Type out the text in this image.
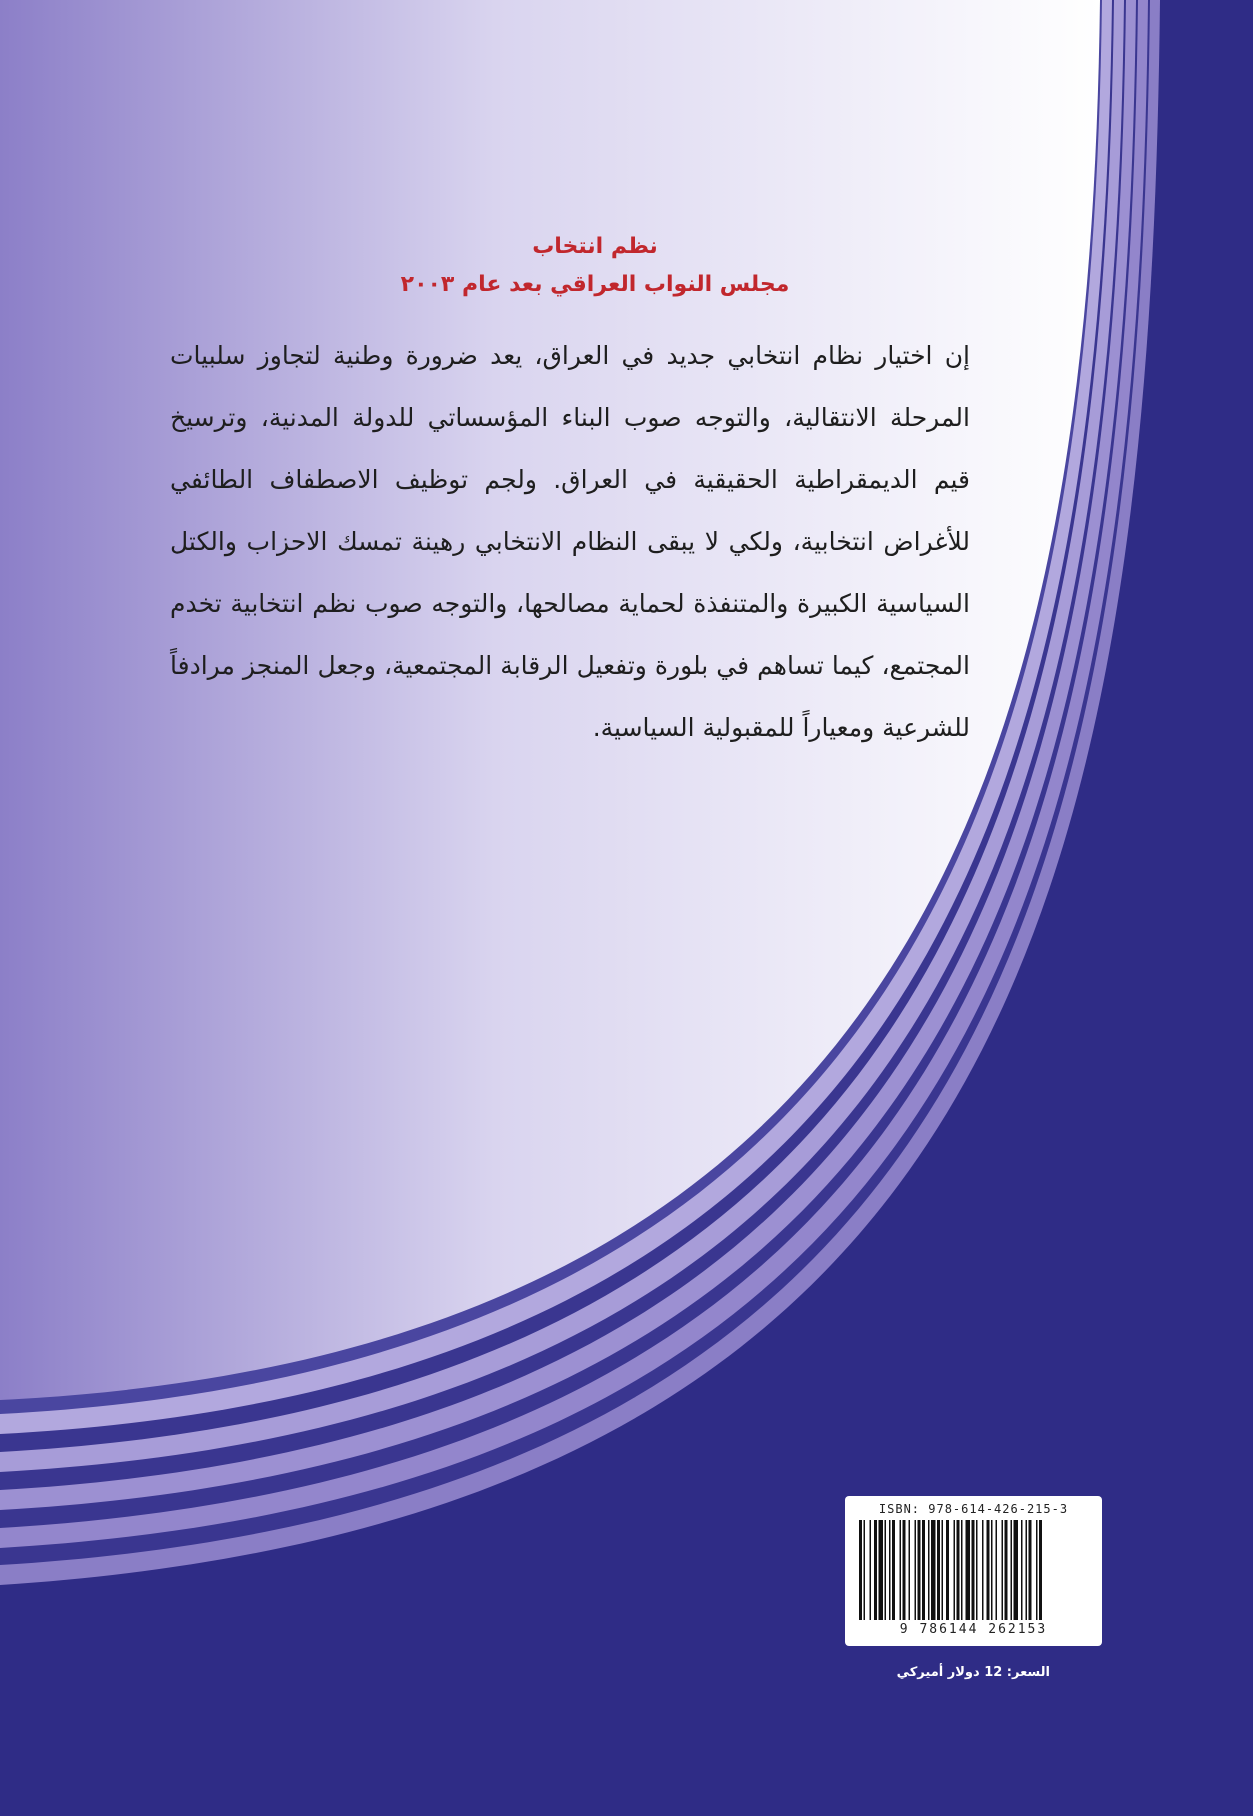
نظم انتخاب
مجلس النواب العراقي بعد عام ٢٠٠٣
إن اختيار نظام انتخابي جديد في العراق، يعد ضرورة وطنية لتجاوز سلبيات المرحلة الانتقالية، والتوجه صوب البناء المؤسساتي للدولة المدنية، وترسيخ قيم الديمقراطية الحقيقية في العراق. ولجم توظيف الاصطفاف الطائفي للأغراض انتخابية، ولكي لا يبقى النظام الانتخابي رهينة تمسك الاحزاب والكتل السياسية الكبيرة والمتنفذة لحماية مصالحها، والتوجه صوب نظم انتخابية تخدم المجتمع، كيما تساهم في بلورة وتفعيل الرقابة المجتمعية، وجعل المنجز مرادفاً للشرعية ومعياراً للمقبولية السياسية.
ISBN: 978-614-426-215-3
9 786144 262153
السعر: 12 دولار أميركي
